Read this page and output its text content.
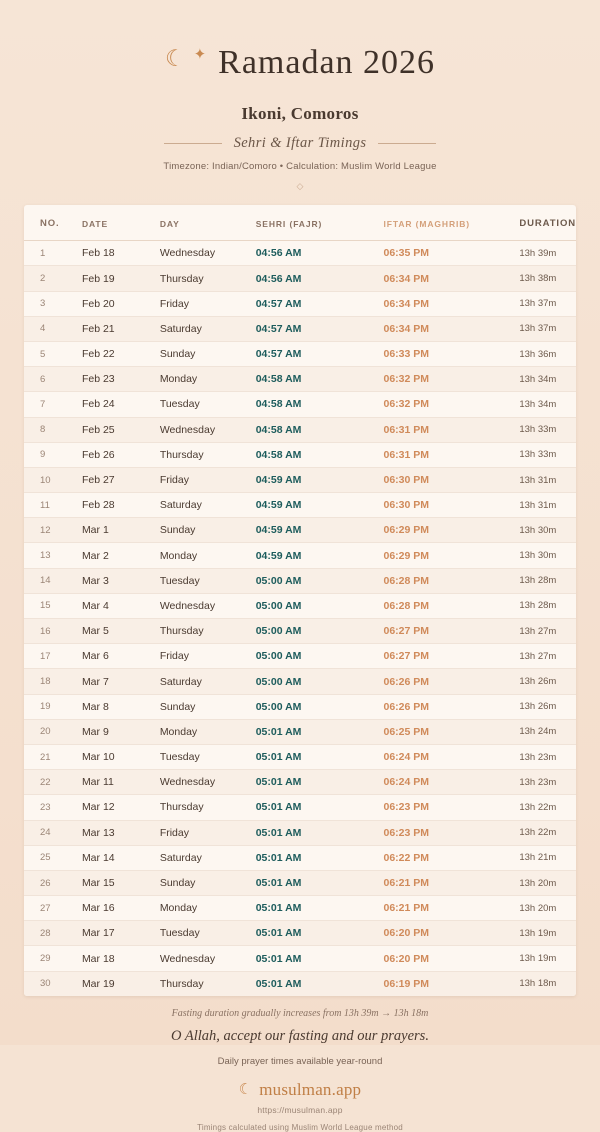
☾ ✦ Ramadan 2026
Ikoni, Comoros
Sehri & Iftar Timings
Timezone: Indian/Comoro • Calculation: Muslim World League
◇
NO.	DATE	DAY	SEHRI (FAJR)	IFTAR (MAGHRIB)	DURATION
1	Feb 18	Wednesday	04:56 AM	06:35 PM	13h 39m
2	Feb 19	Thursday	04:56 AM	06:34 PM	13h 38m
3	Feb 20	Friday	04:57 AM	06:34 PM	13h 37m
4	Feb 21	Saturday	04:57 AM	06:34 PM	13h 37m
5	Feb 22	Sunday	04:57 AM	06:33 PM	13h 36m
6	Feb 23	Monday	04:58 AM	06:32 PM	13h 34m
7	Feb 24	Tuesday	04:58 AM	06:32 PM	13h 34m
8	Feb 25	Wednesday	04:58 AM	06:31 PM	13h 33m
9	Feb 26	Thursday	04:58 AM	06:31 PM	13h 33m
10	Feb 27	Friday	04:59 AM	06:30 PM	13h 31m
11	Feb 28	Saturday	04:59 AM	06:30 PM	13h 31m
12	Mar 1	Sunday	04:59 AM	06:29 PM	13h 30m
13	Mar 2	Monday	04:59 AM	06:29 PM	13h 30m
14	Mar 3	Tuesday	05:00 AM	06:28 PM	13h 28m
15	Mar 4	Wednesday	05:00 AM	06:28 PM	13h 28m
16	Mar 5	Thursday	05:00 AM	06:27 PM	13h 27m
17	Mar 6	Friday	05:00 AM	06:27 PM	13h 27m
18	Mar 7	Saturday	05:00 AM	06:26 PM	13h 26m
19	Mar 8	Sunday	05:00 AM	06:26 PM	13h 26m
20	Mar 9	Monday	05:01 AM	06:25 PM	13h 24m
21	Mar 10	Tuesday	05:01 AM	06:24 PM	13h 23m
22	Mar 11	Wednesday	05:01 AM	06:24 PM	13h 23m
23	Mar 12	Thursday	05:01 AM	06:23 PM	13h 22m
24	Mar 13	Friday	05:01 AM	06:23 PM	13h 22m
25	Mar 14	Saturday	05:01 AM	06:22 PM	13h 21m
26	Mar 15	Sunday	05:01 AM	06:21 PM	13h 20m
27	Mar 16	Monday	05:01 AM	06:21 PM	13h 20m
28	Mar 17	Tuesday	05:01 AM	06:20 PM	13h 19m
29	Mar 18	Wednesday	05:01 AM	06:20 PM	13h 19m
30	Mar 19	Thursday	05:01 AM	06:19 PM	13h 18m
Fasting duration gradually increases from 13h 39m → 13h 18m
O Allah, accept our fasting and our prayers.
Daily prayer times available year-round
☾ musulman.app
https://musulman.app
Timings calculated using Muslim World League method
